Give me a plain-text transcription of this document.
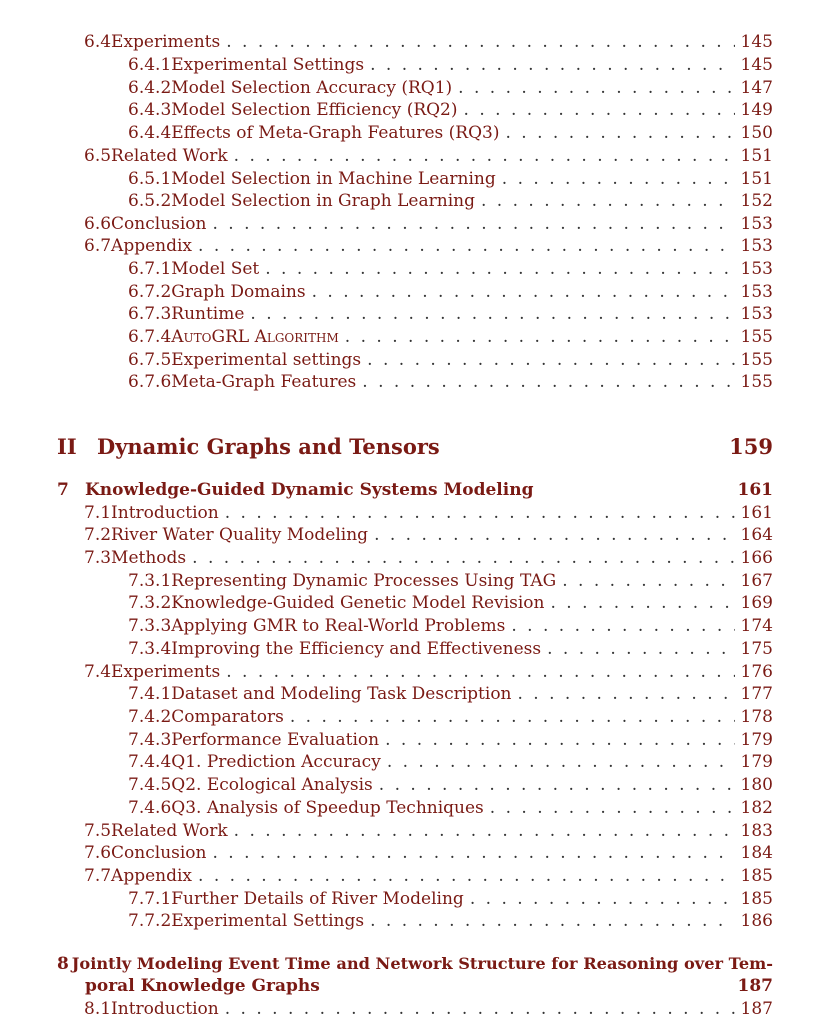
6.4 Experiments . . .	145
6.4.1 Experimental Settings . . .	145
6.4.2 Model Selection Accuracy (RQ1) . . .	147
6.4.3 Model Selection Efficiency (RQ2) . . .	149
6.4.4 Effects of Meta-Graph Features (RQ3) . . .	150
6.5 Related Work . . .	151
6.5.1 Model Selection in Machine Learning . . .	151
6.5.2 Model Selection in Graph Learning . . .	152
6.6 Conclusion . . .	153
6.7 Appendix . . .	153
6.7.1 Model Set . . .	153
6.7.2 Graph Domains . . .	153
6.7.3 Runtime . . .	153
6.7.4 AutoGRL Algorithm . . .	155
6.7.5 Experimental settings . . .	155
6.7.6 Meta-Graph Features . . .	155
II Dynamic Graphs and Tensors	159
7 Knowledge-Guided Dynamic Systems Modeling	161
7.1 Introduction . . .	161
7.2 River Water Quality Modeling . . .	164
7.3 Methods . . .	166
7.3.1 Representing Dynamic Processes Using TAG . . .	167
7.3.2 Knowledge-Guided Genetic Model Revision . . .	169
7.3.3 Applying GMR to Real-World Problems . . .	174
7.3.4 Improving the Efficiency and Effectiveness . . .	175
7.4 Experiments . . .	176
7.4.1 Dataset and Modeling Task Description . . .	177
7.4.2 Comparators . . .	178
7.4.3 Performance Evaluation . . .	179
7.4.4 Q1. Prediction Accuracy . . .	179
7.4.5 Q2. Ecological Analysis . . .	180
7.4.6 Q3. Analysis of Speedup Techniques . . .	182
7.5 Related Work . . .	183
7.6 Conclusion . . .	184
7.7 Appendix . . .	185
7.7.1 Further Details of River Modeling . . .	185
7.7.2 Experimental Settings . . .	186
8 Jointly Modeling Event Time and Network Structure for Reasoning over Tem-
poral Knowledge Graphs	187
8.1 Introduction . . .	187
